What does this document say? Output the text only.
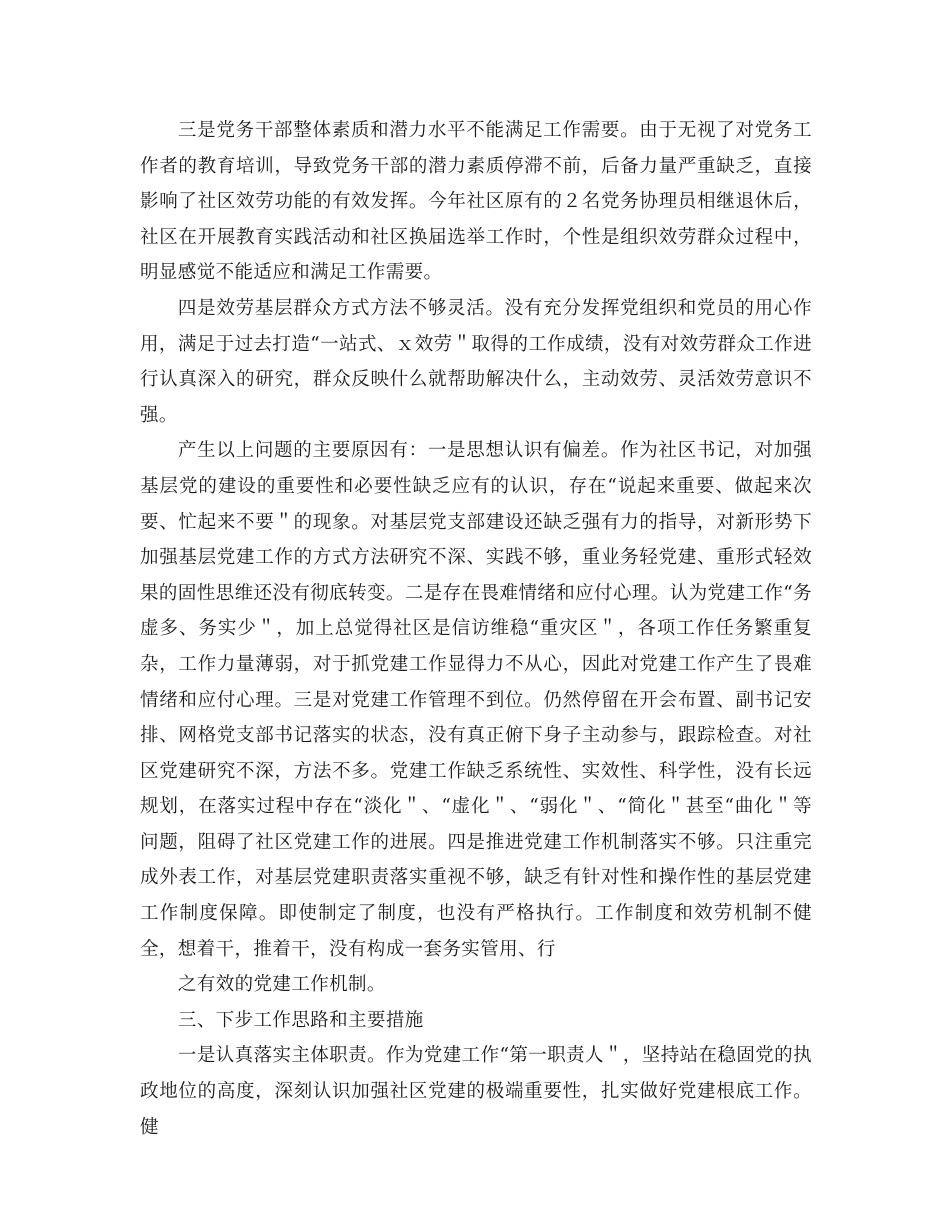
三是党务干部整体素质和潜力水平不能满足工作需要。由于无视了对党务工作者的教育培训，导致党务干部的潜力素质停滞不前，后备力量严重缺乏，直接影响了社区效劳功能的有效发挥。今年社区原有的２名党务协理员相继退休后，社区在开展教育实践活动和社区换届选举工作时，个性是组织效劳群众过程中，明显感觉不能适应和满足工作需要。

四是效劳基层群众方式方法不够灵活。没有充分发挥党组织和党员的用心作用，满足于过去打造“一站式、ｘ效劳＂取得的工作成绩，没有对效劳群众工作进行认真深入的研究，群众反映什么就帮助解决什么，主动效劳、灵活效劳意识不强。

产生以上问题的主要原因有：一是思想认识有偏差。作为社区书记，对加强基层党的建设的重要性和必要性缺乏应有的认识，存在“说起来重要、做起来次要、忙起来不要＂的现象。对基层党支部建设还缺乏强有力的指导，对新形势下加强基层党建工作的方式方法研究不深、实践不够，重业务轻党建、重形式轻效果的固性思维还没有彻底转变。二是存在畏难情绪和应付心理。认为党建工作“务虚多、务实少＂，加上总觉得社区是信访维稳“重灾区＂，各项工作任务繁重复杂，工作力量薄弱，对于抓党建工作显得力不从心，因此对党建工作产生了畏难情绪和应付心理。三是对党建工作管理不到位。仍然停留在开会布置、副书记安排、网格党支部书记落实的状态，没有真正俯下身子主动参与，跟踪检查。对社区党建研究不深，方法不多。党建工作缺乏系统性、实效性、科学性，没有长远规划，在落实过程中存在“淡化＂、“虚化＂、“弱化＂、“简化＂甚至“曲化＂等问题，阻碍了社区党建工作的进展。四是推进党建工作机制落实不够。只注重完成外表工作，对基层党建职责落实重视不够，缺乏有针对性和操作性的基层党建工作制度保障。即使制定了制度，也没有严格执行。工作制度和效劳机制不健全，想着干，推着干，没有构成一套务实管用、行

之有效的党建工作机制。

三、下步工作思路和主要措施

一是认真落实主体职责。作为党建工作“第一职责人＂，坚持站在稳固党的执政地位的高度，深刻认识加强社区党建的极端重要性，扎实做好党建根底工作。健
